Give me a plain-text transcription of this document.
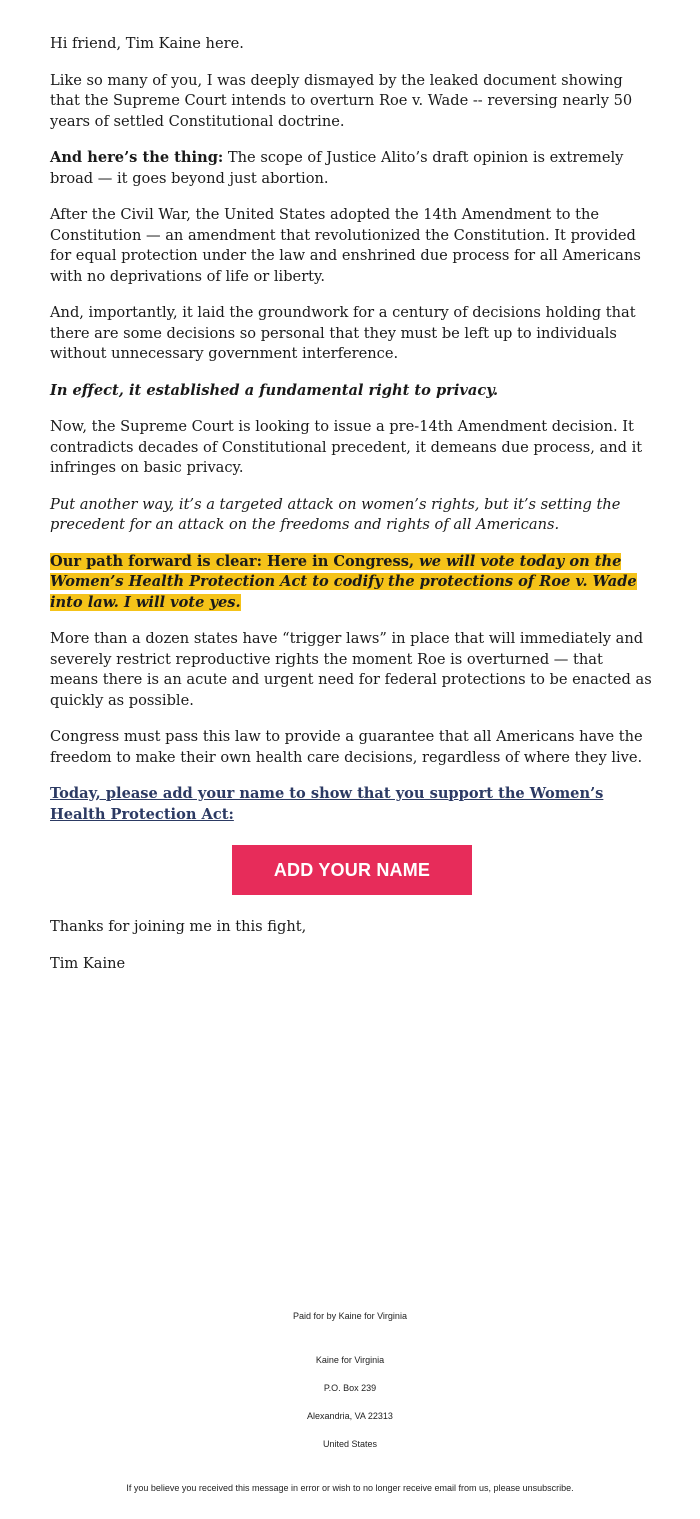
Hi friend, Tim Kaine here.

Like so many of you, I was deeply dismayed by the leaked document showing that the Supreme Court intends to overturn Roe v. Wade -- reversing nearly 50 years of settled Constitutional doctrine.

And here’s the thing: The scope of Justice Alito’s draft opinion is extremely broad — it goes beyond just abortion.

After the Civil War, the United States adopted the 14th Amendment to the Constitution — an amendment that revolutionized the Constitution. It provided for equal protection under the law and enshrined due process for all Americans with no deprivations of life or liberty.

And, importantly, it laid the groundwork for a century of decisions holding that there are some decisions so personal that they must be left up to individuals without unnecessary government interference.

In effect, it established a fundamental right to privacy.

Now, the Supreme Court is looking to issue a pre-14th Amendment decision. It contradicts decades of Constitutional precedent, it demeans due process, and it infringes on basic privacy.

Put another way, it’s a targeted attack on women’s rights, but it’s setting the precedent for an attack on the freedoms and rights of all Americans.

Our path forward is clear: Here in Congress, we will vote today on the Women’s Health Protection Act to codify the protections of Roe v. Wade into law. I will vote yes.

More than a dozen states have “trigger laws” in place that will immediately and severely restrict reproductive rights the moment Roe is overturned — that means there is an acute and urgent need for federal protections to be enacted as quickly as possible.

Congress must pass this law to provide a guarantee that all Americans have the freedom to make their own health care decisions, regardless of where they live.

Today, please add your name to show that you support the Women’s Health Protection Act:

ADD YOUR NAME

Thanks for joining me in this fight,

Tim Kaine

Paid for by Kaine for Virginia
Kaine for Virginia
P.O. Box 239
Alexandria, VA 22313
United States
If you believe you received this message in error or wish to no longer receive email from us, please unsubscribe.
